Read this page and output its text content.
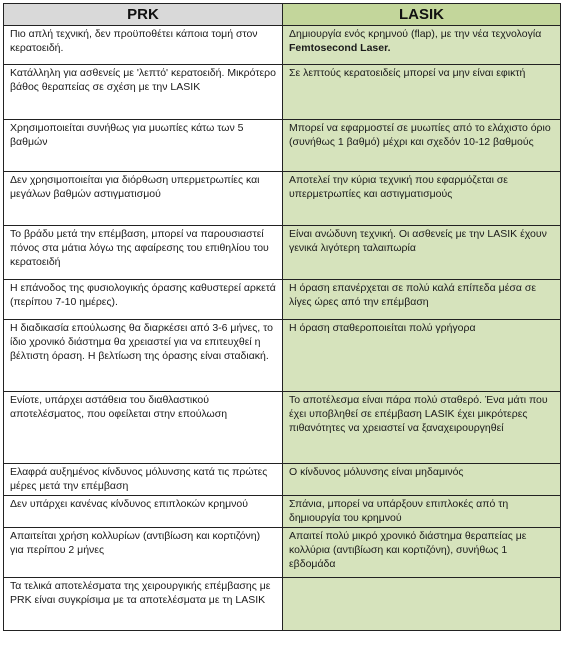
PRK	LASIK
Πιο απλή τεχνική, δεν προϋποθέτει κάποια τομή στον κερατοειδή.	Δημιουργία ενός κρημνού (flap), με την νέα τεχνολογία Femtosecond Laser.
Κατάλληλη για ασθενείς με 'λεπτό' κερατοειδή. Μικρότερο βάθος θεραπείας σε σχέση με την LASIK	Σε λεπτούς κερατοειδείς μπορεί να μην είναι εφικτή
Χρησιμοποιείται συνήθως για μυωπίες κάτω των 5 βαθμών	Μπορεί να εφαρμοστεί σε μυωπίες από το ελάχιστο όριο (συνήθως 1 βαθμό) μέχρι και σχεδόν 10-12 βαθμούς
Δεν χρησιμοποιείται για διόρθωση υπερμετρωπίες και μεγάλων βαθμών αστιγματισμού	Αποτελεί την κύρια τεχνική που εφαρμόζεται σε υπερμετρωπίες και αστιγματισμούς
Το βράδυ μετά την επέμβαση, μπορεί να παρουσιαστεί πόνος στα μάτια λόγω της αφαίρεσης του επιθηλίου του κερατοειδή	Είναι ανώδυνη τεχνική. Οι ασθενείς με την LASIK έχουν γενικά λιγότερη ταλαιπωρία
Η επάνοδος της φυσιολογικής όρασης καθυστερεί αρκετά (περίπου 7-10 ημέρες).	Η όραση επανέρχεται σε πολύ καλά επίπεδα μέσα σε λίγες ώρες από την επέμβαση
Η διαδικασία επούλωσης θα διαρκέσει από 3-6 μήνες, το ίδιο χρονικό διάστημα θα χρειαστεί για να επιτευχθεί η βέλτιστη όραση. Η βελτίωση της όρασης είναι σταδιακή.	Η όραση σταθεροποιείται πολύ γρήγορα
Ενίοτε, υπάρχει αστάθεια του διαθλαστικού αποτελέσματος, που οφείλεται στην επούλωση	Το αποτέλεσμα είναι πάρα πολύ σταθερό. Ένα μάτι που έχει υποβληθεί σε επέμβαση LASIK έχει μικρότερες πιθανότητες να χρειαστεί να ξαναχειρουργηθεί
Ελαφρά αυξημένος κίνδυνος μόλυνσης κατά τις πρώτες μέρες μετά την επέμβαση	Ο κίνδυνος μόλυνσης είναι μηδαμινός
Δεν υπάρχει κανένας κίνδυνος επιπλοκών κρημνού	Σπάνια, μπορεί να υπάρξουν επιπλοκές από τη δημιουργία του κρημνού
Απαιτείται χρήση κολλυρίων (αντιβίωση και κορτιζόνη) για περίπου 2 μήνες	Απαιτεί πολύ μικρό χρονικό διάστημα θεραπείας με κολλύρια (αντιβίωση και κορτιζόνη), συνήθως 1 εβδομάδα
Τα τελικά αποτελέσματα της χειρουργικής επέμβασης με PRK είναι συγκρίσιμα με τα αποτελέσματα με τη LASIK	
